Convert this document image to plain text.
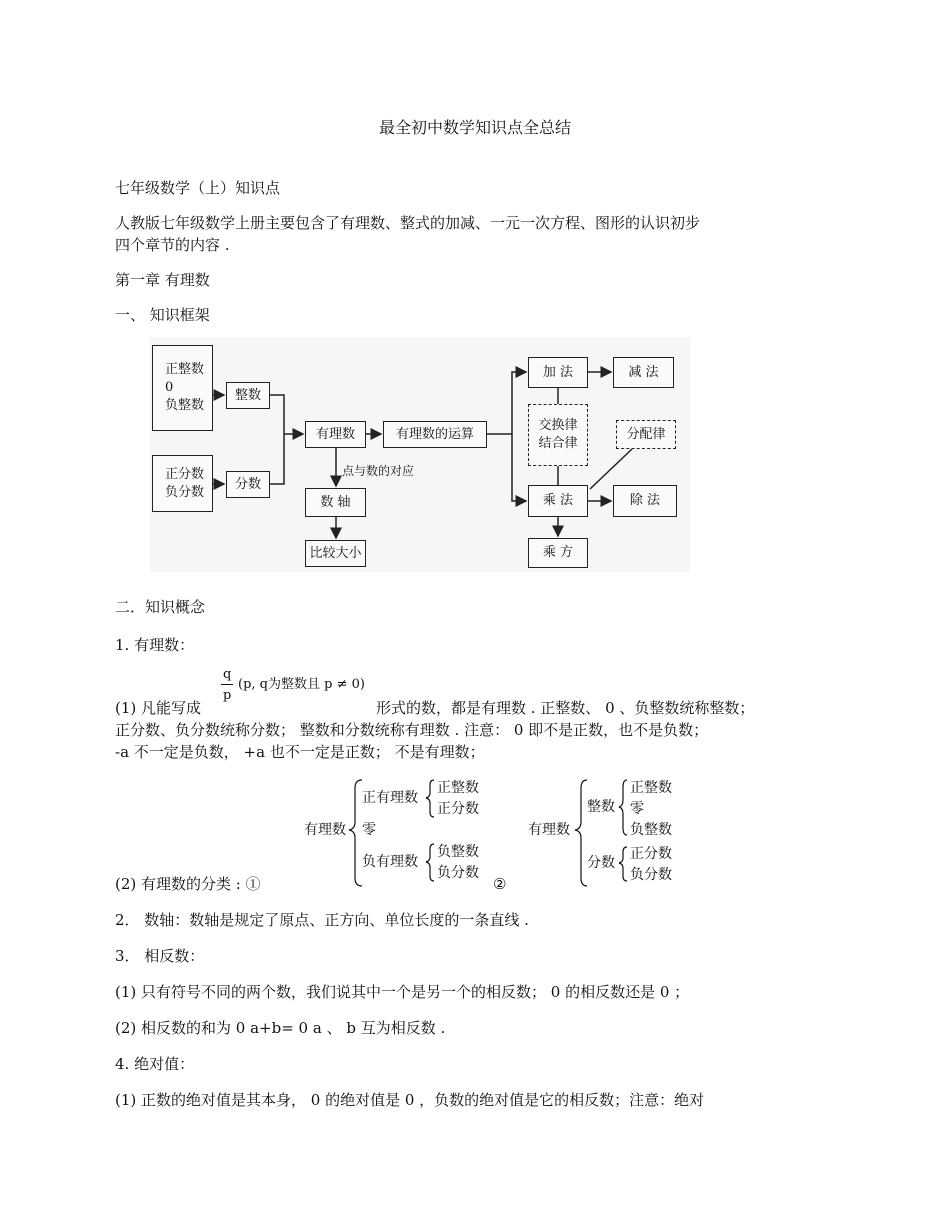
最全初中数学知识点全总结
七年级数学（上）知识点
人教版七年级数学上册主要包含了有理数、整式的加减、一元一次方程、图形的认识初步
四个章节的内容 .
第一章 有理数
一、 知识框架
正整数
0
负整数
整数
正分数
负分数
分数
有理数	有理数的运算
点与数的对应
数 轴
比较大小
加 法	减 法
交换律
结合律
分配律
乘 法	除 法
乘 方
二．知识概念
1. 有理数：
q
p
(p, q为整数且 p ≠ 0)
(1) 凡能写成	形式的数，都是有理数 . 正整数、 0 、负整数统称整数；
正分数、负分数统称分数； 整数和分数统称有理数 . 注意： 0 即不是正数，也不是负数；
-a 不一定是负数， +a 也不一定是正数； 不是有理数；
有理数
正有理数
零
负有理数
正整数
正分数
负整数
负分数
有理数
整数
分数
正整数
零
负整数
正分数
负分数
(2) 有理数的分类 : ①	②
2． 数轴：数轴是规定了原点、正方向、单位长度的一条直线 .
3． 相反数：
(1) 只有符号不同的两个数，我们说其中一个是另一个的相反数； 0 的相反数还是 0 ；
(2) 相反数的和为 0 a+b= 0 a 、 b 互为相反数 .
4. 绝对值：
(1) 正数的绝对值是其本身， 0 的绝对值是 0 ，负数的绝对值是它的相反数；注意：绝对
